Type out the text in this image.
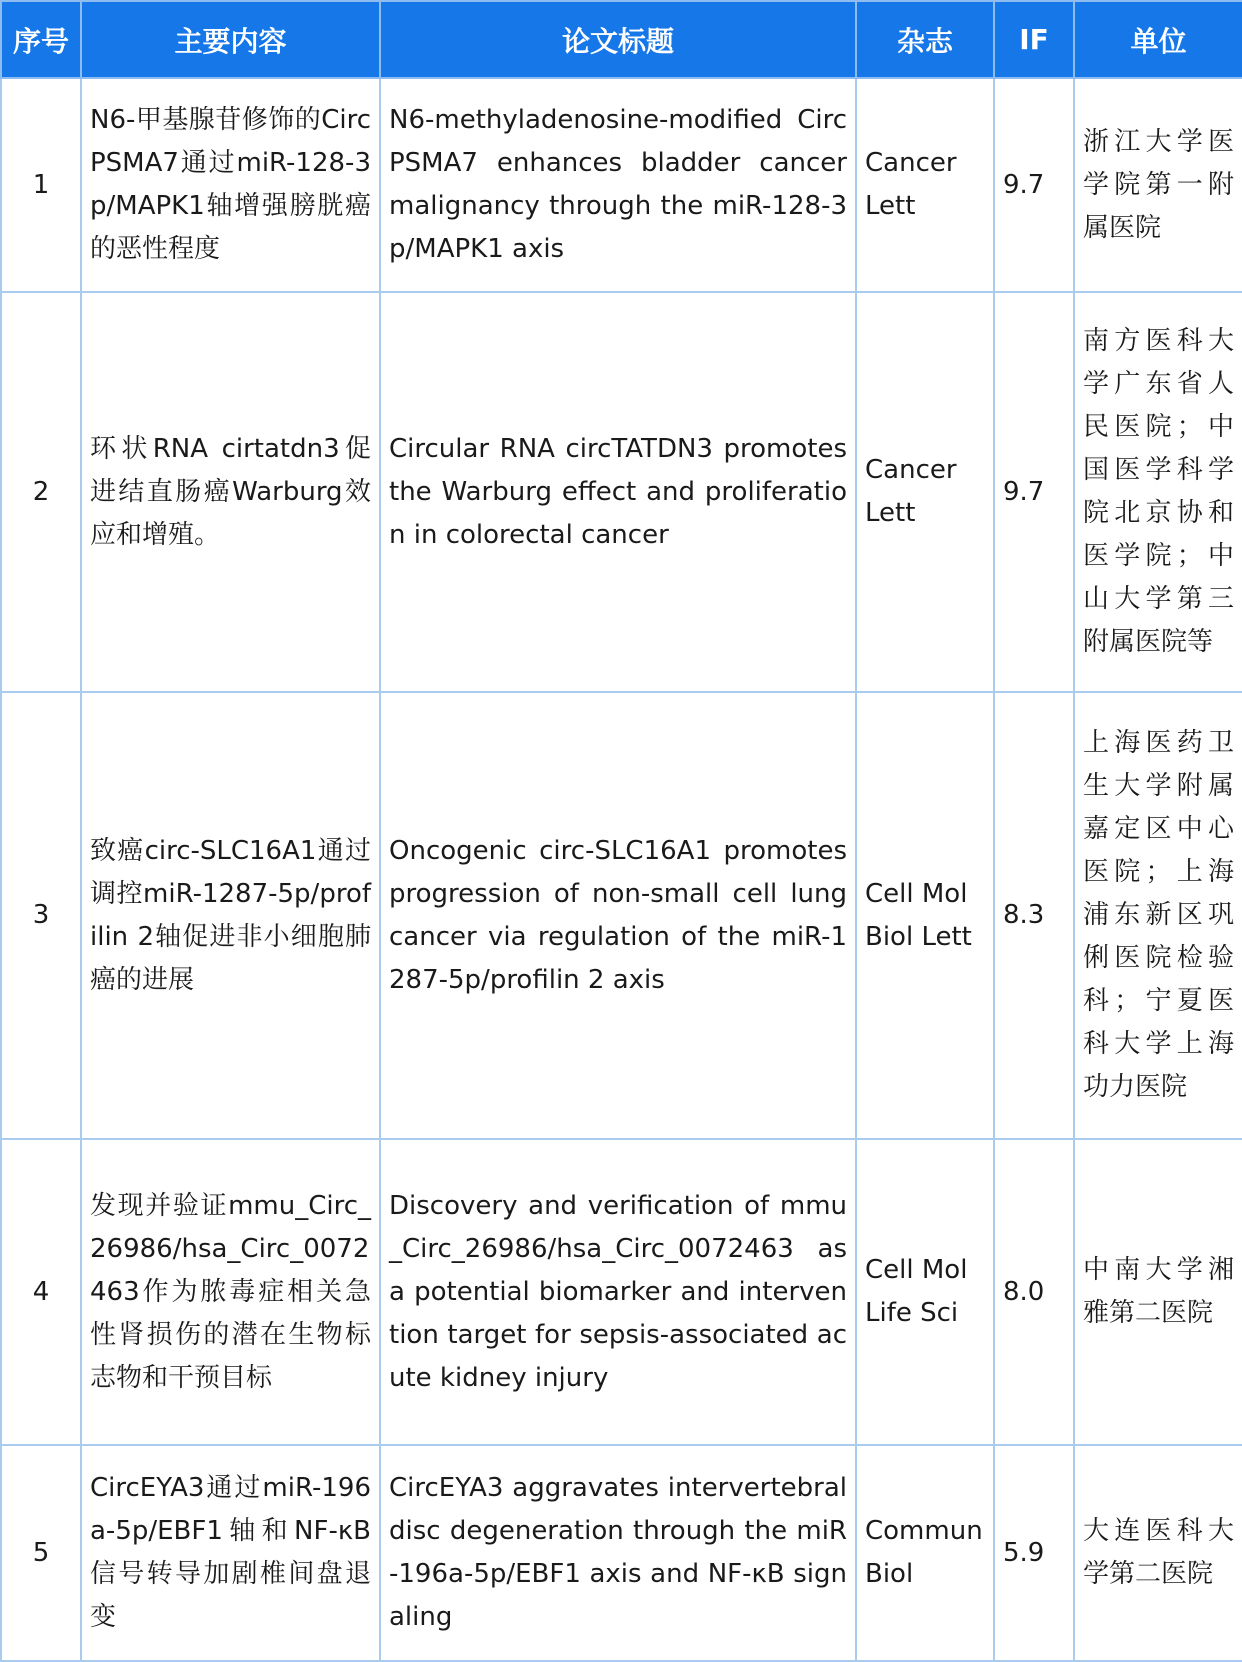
序号	主要内容	论文标题	杂志	IF	单位
1	N6-甲基腺苷修饰的CircPSMA7通过miR-128-3p/MAPK1轴增强膀胱癌的恶性程度	N6-methyladenosine-modified CircPSMA7 enhances bladder cancer malignancy through the miR-128-3p/MAPK1 axis	Cancer Lett	9.7	浙江大学医学院第一附属医院
2	环状RNA cirtatdn3促进结直肠癌Warburg效应和增殖。	Circular RNA circTATDN3 promotes the Warburg effect and proliferation in colorectal cancer	Cancer Lett	9.7	南方医科大学广东省人民医院；中国医学科学院北京协和医学院；中山大学第三附属医院等
3	致癌circ-SLC16A1通过调控miR-1287-5p/profilin 2轴促进非小细胞肺癌的进展	Oncogenic circ-SLC16A1 promotes progression of non-small cell lung cancer via regulation of the miR-1287-5p/profilin 2 axis	Cell Mol Biol Lett	8.3	上海医药卫生大学附属嘉定区中心医院；上海浦东新区巩俐医院检验科；宁夏医科大学上海功力医院
4	发现并验证mmu_Circ_26986/hsa_Circ_0072463作为脓毒症相关急性肾损伤的潜在生物标志物和干预目标	Discovery and verification of mmu_Circ_26986/hsa_Circ_0072463 as a potential biomarker and intervention target for sepsis-associated acute kidney injury	Cell Mol Life Sci	8.0	中南大学湘雅第二医院
5	CircEYA3通过miR-196a-5p/EBF1轴和NF-κB信号转导加剧椎间盘退变	CircEYA3 aggravates intervertebral disc degeneration through the miR-196a-5p/EBF1 axis and NF-κB signaling	Commun Biol	5.9	大连医科大学第二医院
